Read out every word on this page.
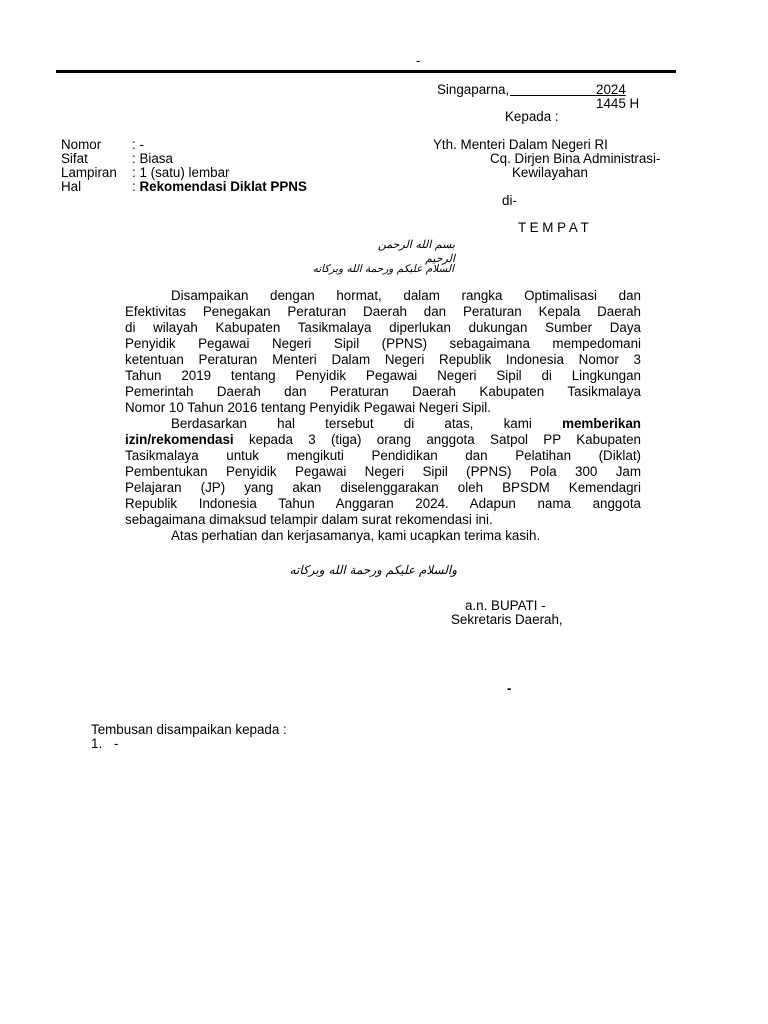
-
Singaparna,	2024
1445 H
Kepada :
Nomor : -
Sifat	: Biasa
Lampiran : 1 (satu) lembar
Hal	: Rekomendasi Diklat PPNS
Yth. Menteri Dalam Negeri RI
Cq. Dirjen Bina Administrasi-
Kewilayahan
di-
T E M P A T
بسم الله الرحمن الرحيم
السلام عليكم ورحمة الله وبركاته
Disampaikan dengan hormat, dalam rangka Optimalisasi dan
Efektivitas Penegakan Peraturan Daerah dan Peraturan Kepala Daerah
di wilayah Kabupaten Tasikmalaya diperlukan dukungan Sumber Daya
Penyidik Pegawai Negeri Sipil (PPNS) sebagaimana mempedomani
ketentuan Peraturan Menteri Dalam Negeri Republik Indonesia Nomor 3
Tahun 2019 tentang Penyidik Pegawai Negeri Sipil di Lingkungan
Pemerintah Daerah dan Peraturan Daerah Kabupaten Tasikmalaya
Nomor 10 Tahun 2016 tentang Penyidik Pegawai Negeri Sipil.
Berdasarkan hal tersebut di atas, kami memberikan
izin/rekomendasi kepada 3 (tiga) orang anggota Satpol PP Kabupaten
Tasikmalaya untuk mengikuti Pendidikan dan Pelatihan (Diklat)
Pembentukan Penyidik Pegawai Negeri Sipil (PPNS) Pola 300 Jam
Pelajaran (JP) yang akan diselenggarakan oleh BPSDM Kemendagri
Republik Indonesia Tahun Anggaran 2024. Adapun nama anggota
sebagaimana dimaksud telampir dalam surat rekomendasi ini.
Atas perhatian dan kerjasamanya, kami ucapkan terima kasih.
والسلام عليكم ورحمة الله وبركاته
a.n. BUPATI -
Sekretaris Daerah,
-
Tembusan disampaikan kepada :
1. -
